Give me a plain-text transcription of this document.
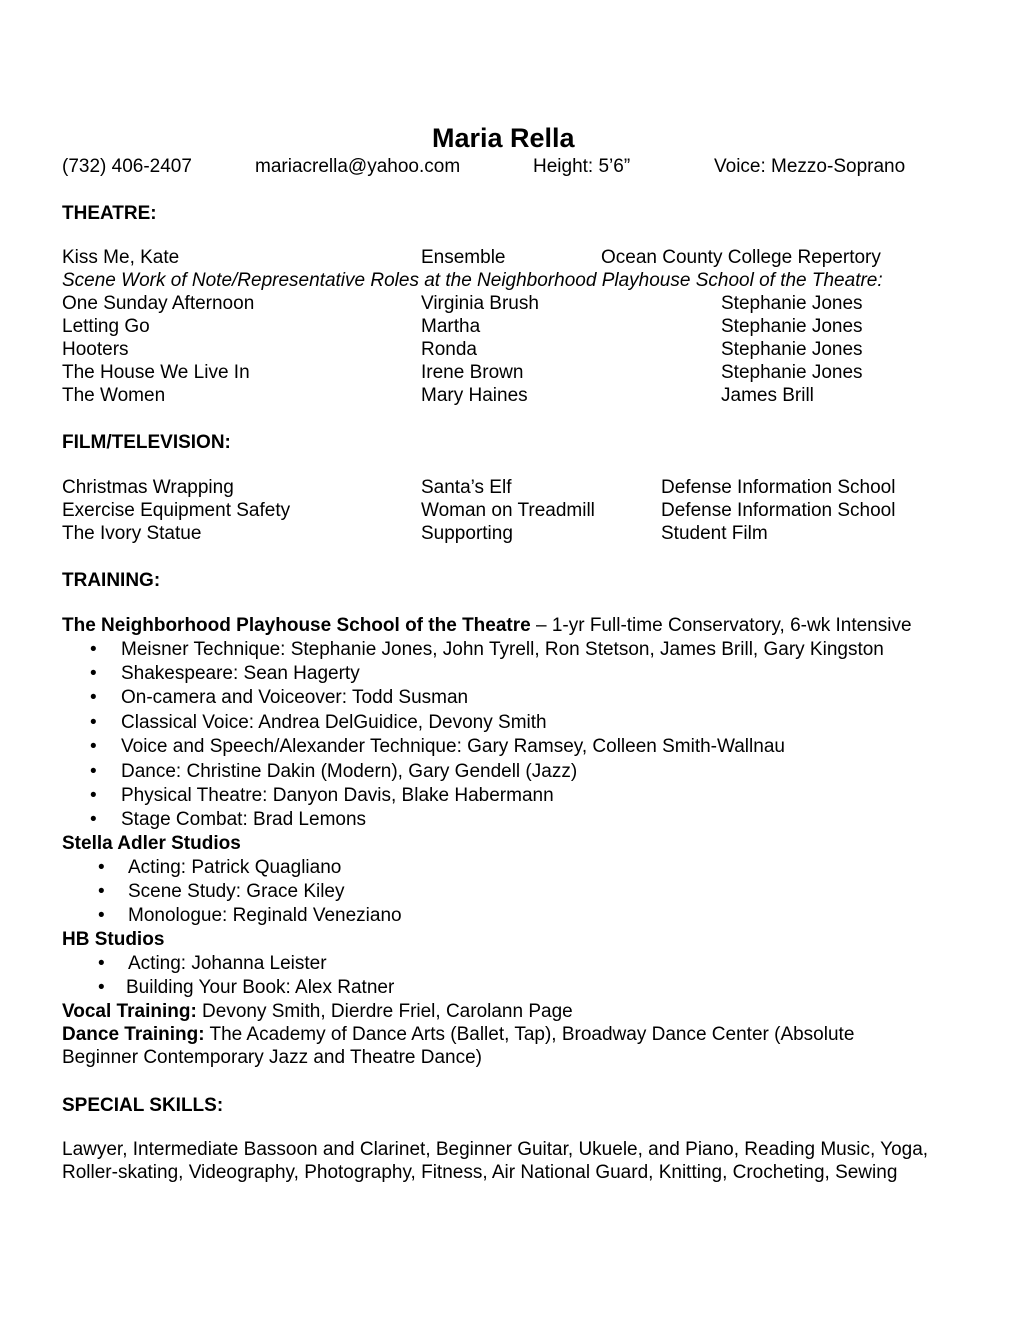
Maria Rella
(732) 406-2407	mariacrella@yahoo.com	Height: 5’6”	Voice: Mezzo-Soprano
THEATRE:
Kiss Me, Kate	Ensemble	Ocean County College Repertory
Scene Work of Note/Representative Roles at the Neighborhood Playhouse School of the Theatre:
One Sunday Afternoon	Virginia Brush	Stephanie Jones
Letting Go	Martha	Stephanie Jones
Hooters	Ronda	Stephanie Jones
The House We Live In	Irene Brown	Stephanie Jones
The Women	Mary Haines	James Brill
FILM/TELEVISION:
Christmas Wrapping	Santa’s Elf	Defense Information School
Exercise Equipment Safety	Woman on Treadmill	Defense Information School
The Ivory Statue	Supporting	Student Film
TRAINING:
The Neighborhood Playhouse School of the Theatre – 1-yr Full-time Conservatory, 6-wk Intensive
• Meisner Technique: Stephanie Jones, John Tyrell, Ron Stetson, James Brill, Gary Kingston
• Shakespeare: Sean Hagerty
• On-camera and Voiceover: Todd Susman
• Classical Voice: Andrea DelGuidice, Devony Smith
• Voice and Speech/Alexander Technique: Gary Ramsey, Colleen Smith-Wallnau
• Dance: Christine Dakin (Modern), Gary Gendell (Jazz)
• Physical Theatre: Danyon Davis, Blake Habermann
• Stage Combat: Brad Lemons
Stella Adler Studios
• Acting: Patrick Quagliano
• Scene Study: Grace Kiley
• Monologue: Reginald Veneziano
HB Studios
• Acting: Johanna Leister
• Building Your Book: Alex Ratner
Vocal Training: Devony Smith, Dierdre Friel, Carolann Page
Dance Training: The Academy of Dance Arts (Ballet, Tap), Broadway Dance Center (Absolute
Beginner Contemporary Jazz and Theatre Dance)
SPECIAL SKILLS:
Lawyer, Intermediate Bassoon and Clarinet, Beginner Guitar, Ukuele, and Piano, Reading Music, Yoga,
Roller-skating, Videography, Photography, Fitness, Air National Guard, Knitting, Crocheting, Sewing
